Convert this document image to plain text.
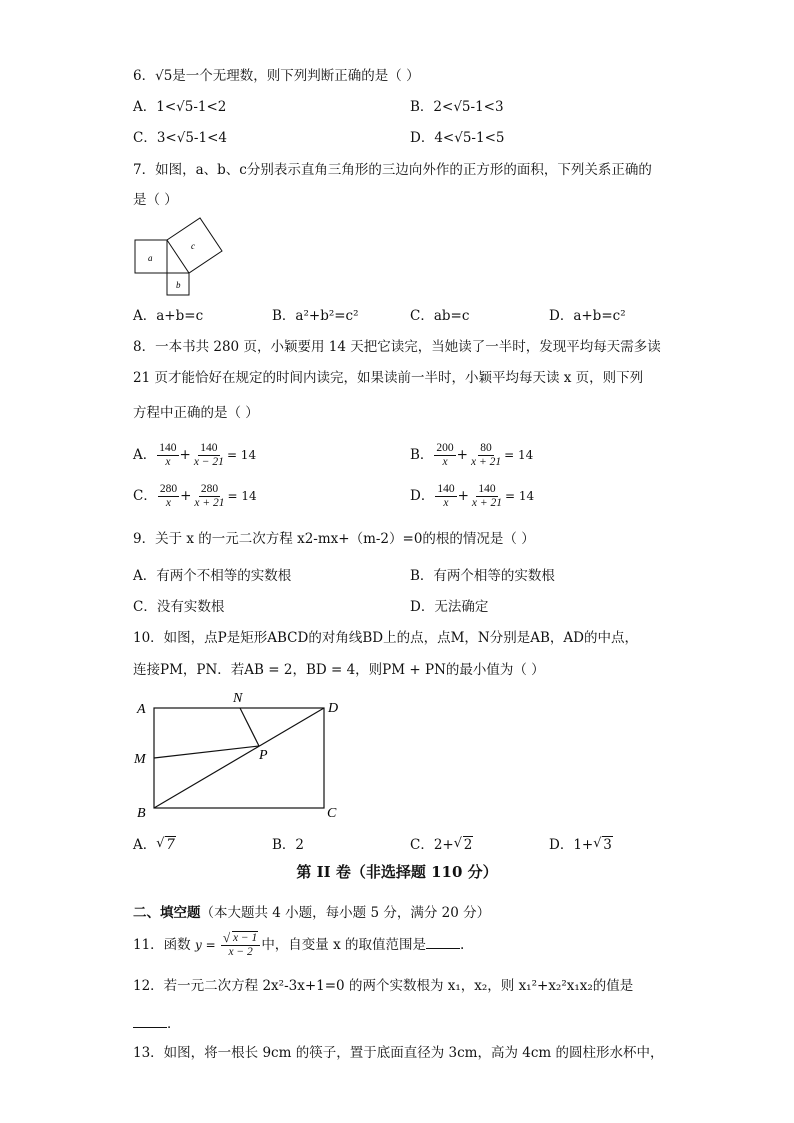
6．√5是一个无理数，则下列判断正确的是（ ）
A．1<√5-1<2	B．2<√5-1<3
C．3<√5-1<4	D．4<√5-1<5
7．如图，a、b、c分别表示直角三角形的三边向外作的正方形的面积，下列关系正确的
是（ ）
a
b
c
A．a+b=c	B．a²+b²=c²	C．ab=c	D．a+b=c²
8．一本书共 280 页，小颖要用 14 天把它读完，当她读了一半时，发现平均每天需多读
21 页才能恰好在规定的时间内读完，如果读前一半时，小颖平均每天读 x 页，则下列
方程中正确的是（ ）
A． $\frac{140}{x} + \frac{140}{x - 21} = 14$	B． $\frac{200}{x} + \frac{80}{x + 21} = 14$
C． $\frac{280}{x} + \frac{280}{x + 21} = 14$	D． $\frac{140}{x} + \frac{140}{x + 21} = 14$
9．关于 x 的一元二次方程 x2-mx+（m-2）=0的根的情况是（ ）
A．有两个不相等的实数根	B．有两个相等的实数根
C．没有实数根	D．无法确定
10．如图，点P是矩形ABCD的对角线BD上的点，点M，N分别是AB，AD的中点，
连接PM，PN．若AB = 2，BD = 4，则PM + PN的最小值为（ ）
A
B	C
D
M
N
P
A． √ 7	B．2	C．2+ √ 2	D．1+ √ 3
第 II 卷（非选择题 110 分）
二、填空题（本大题共 4 小题，每小题 5 分，满分 20 分）
11．函数 y = √ $\frac{x - 1}{x - 2}$ 中，自变量 x 的取值范围是	.
12．若一元二次方程 2x²-3x+1=0 的两个实数根为 x₁，x₂，则 x₁²+x₂²x₁x₂的值是
．
13．如图，将一根长 9cm 的筷子，置于底面直径为 3cm，高为 4cm 的圆柱形水杯中，
